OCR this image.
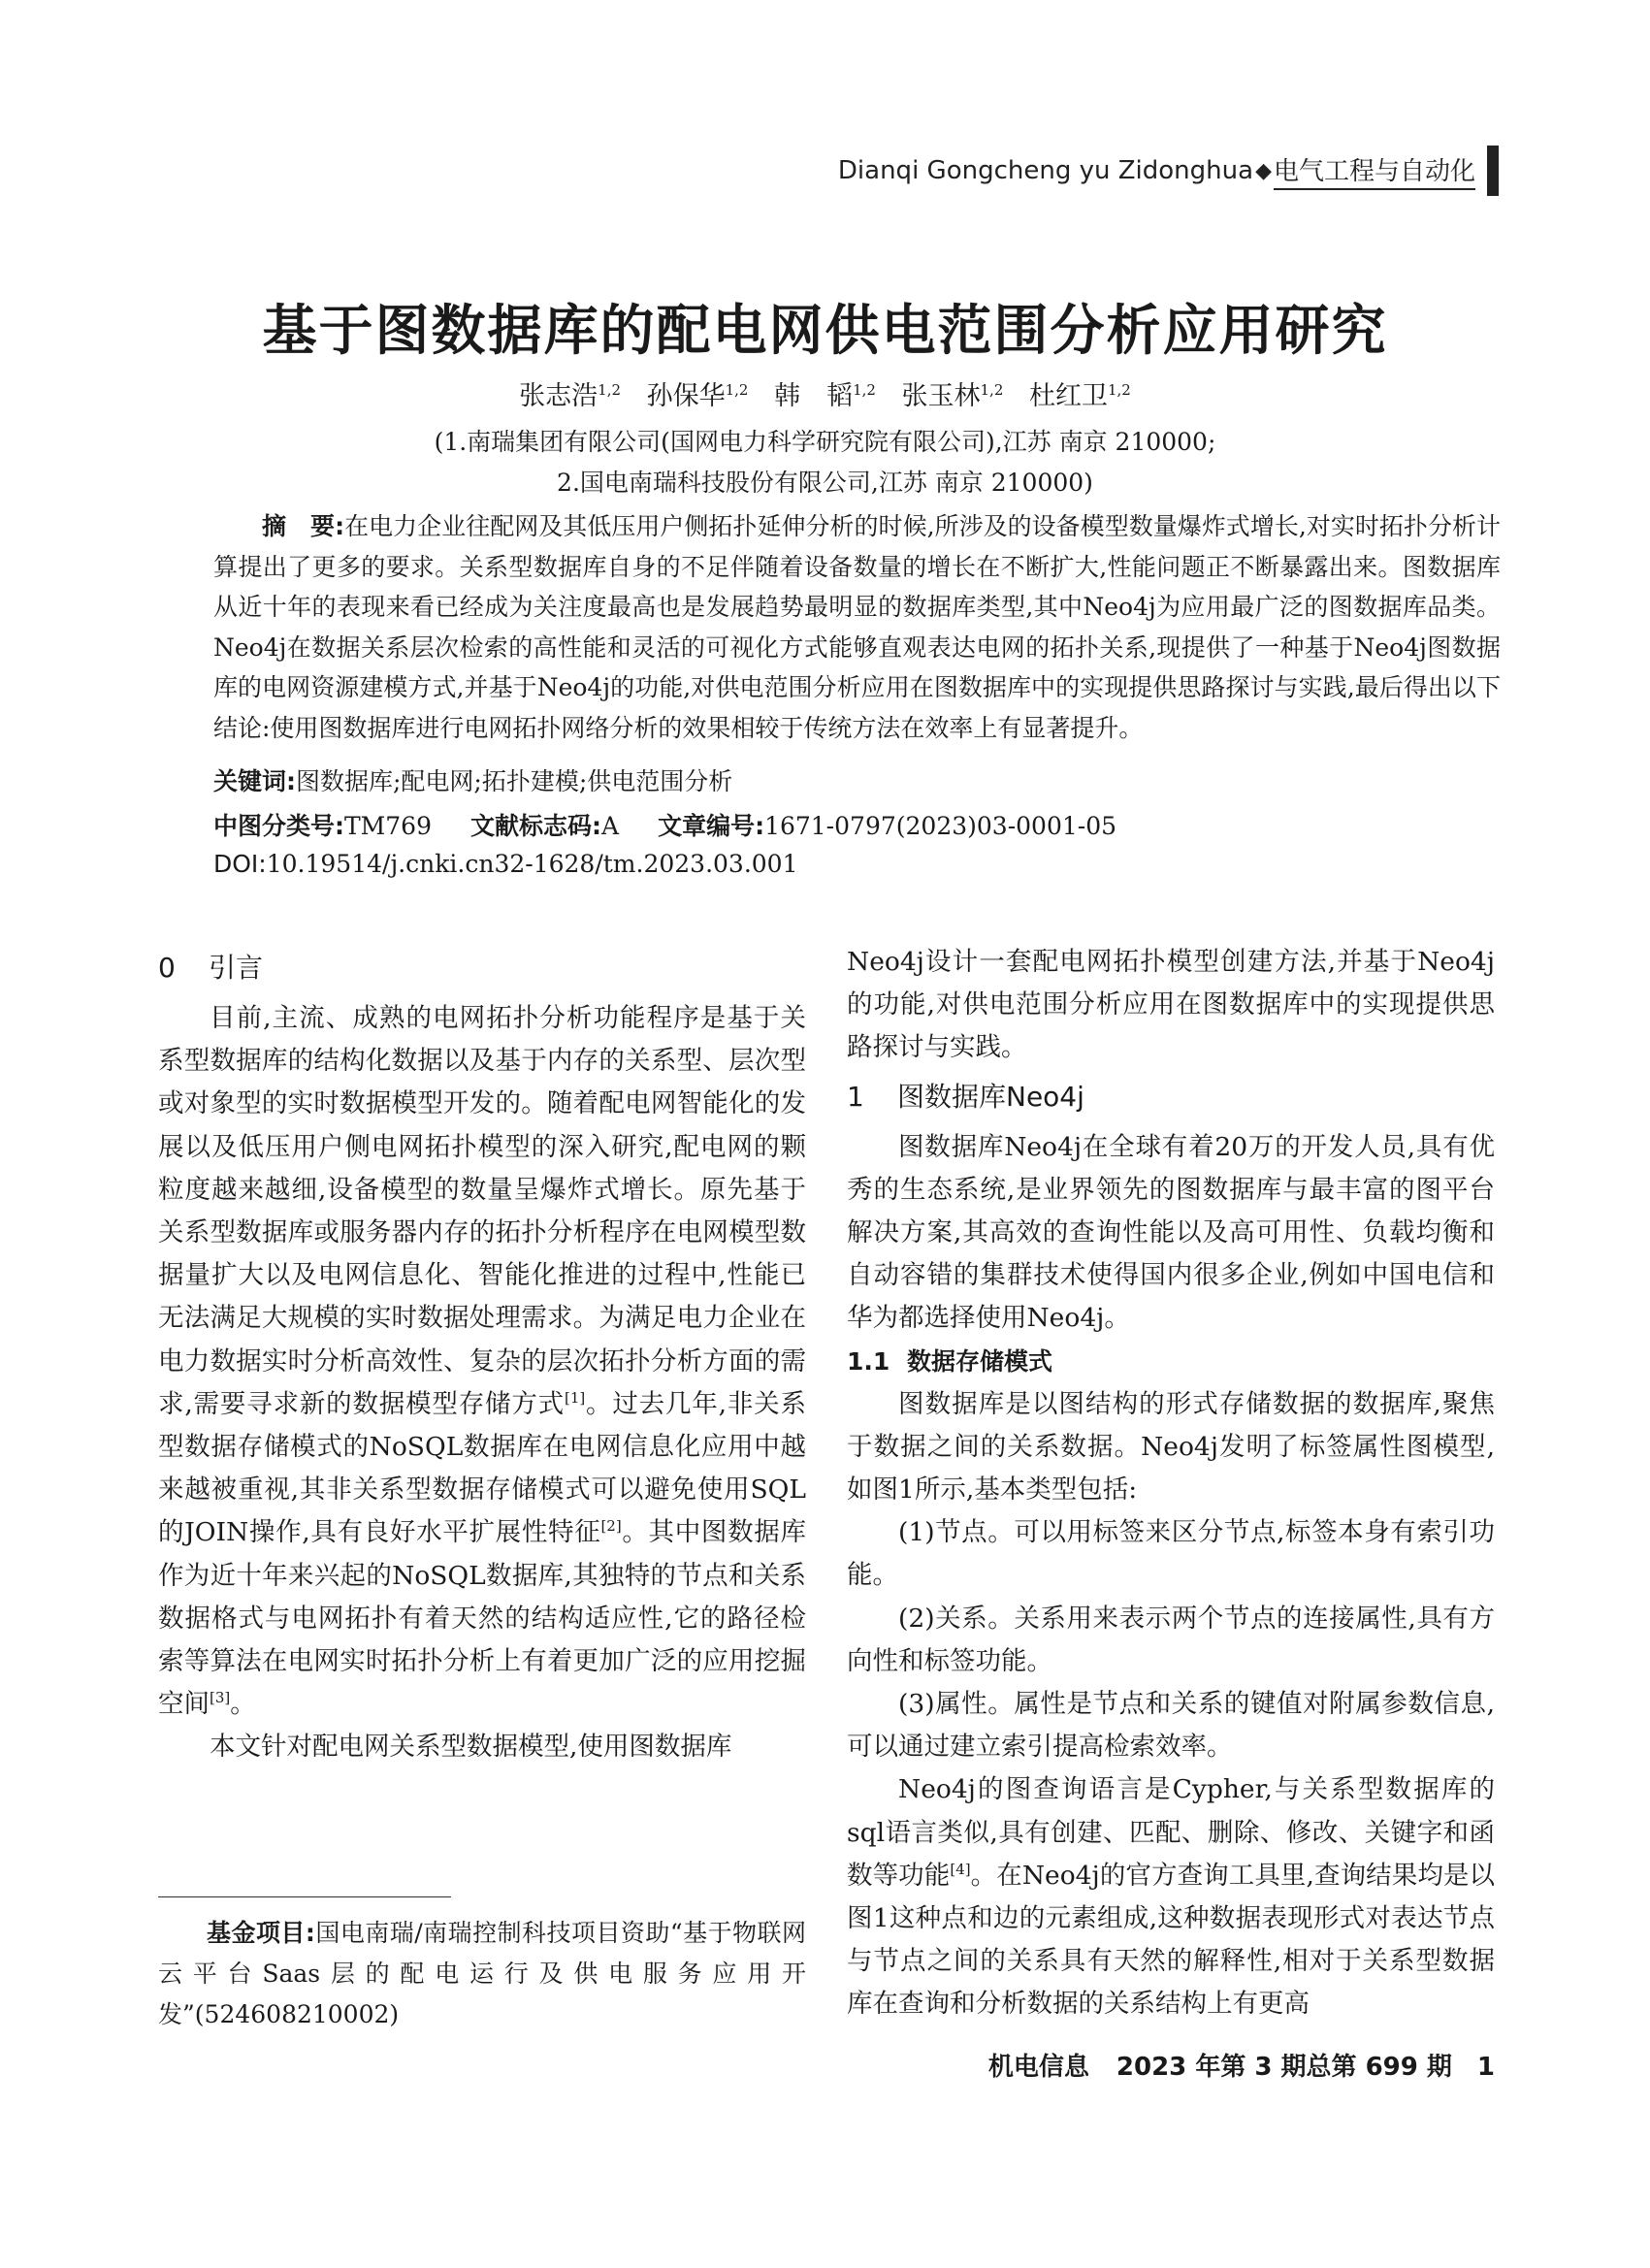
Dianqi Gongcheng yu Zidonghua ◆ 电气工程与自动化
基于图数据库的配电网供电范围分析应用研究
张志浩$^{1,2}$ 孙保华$^{1,2}$ 韩　韬$^{1,2}$ 张玉林$^{1,2}$ 杜红卫$^{1,2}$
(1.南瑞集团有限公司(国网电力科学研究院有限公司),江苏 南京 210000;
2.国电南瑞科技股份有限公司,江苏 南京 210000)
摘　要:在电力企业往配网及其低压用户侧拓扑延伸分析的时候,所涉及的设备模型数量爆炸式增长,对实时拓扑分析计算提出了更多的要求。关系型数据库自身的不足伴随着设备数量的增长在不断扩大,性能问题正不断暴露出来。图数据库从近十年的表现来看已经成为关注度最高也是发展趋势最明显的数据库类型,其中Neo4j为应用最广泛的图数据库品类。Neo4j在数据关系层次检索的高性能和灵活的可视化方式能够直观表达电网的拓扑关系,现提供了一种基于Neo4j图数据库的电网资源建模方式,并基于Neo4j的功能,对供电范围分析应用在图数据库中的实现提供思路探讨与实践,最后得出以下结论:使用图数据库进行电网拓扑网络分析的效果相较于传统方法在效率上有显著提升。
关键词:图数据库;配电网;拓扑建模;供电范围分析
中图分类号:TM769 文献标志码:A 文章编号:1671-0797(2023)03-0001-05
DOI:10.19514/j.cnki.cn32-1628/tm.2023.03.001
0 引言

目前,主流、成熟的电网拓扑分析功能程序是基于关系型数据库的结构化数据以及基于内存的关系型、层次型或对象型的实时数据模型开发的。随着配电网智能化的发展以及低压用户侧电网拓扑模型的深入研究,配电网的颗粒度越来越细,设备模型的数量呈爆炸式增长。原先基于关系型数据库或服务器内存的拓扑分析程序在电网模型数据量扩大以及电网信息化、智能化推进的过程中,性能已无法满足大规模的实时数据处理需求。为满足电力企业在电力数据实时分析高效性、复杂的层次拓扑分析方面的需求,需要寻求新的数据模型存储方式[1]。过去几年,非关系型数据存储模式的NoSQL数据库在电网信息化应用中越来越被重视,其非关系型数据存储模式可以避免使用SQL的JOIN操作,具有良好水平扩展性特征[2]。其中图数据库作为近十年来兴起的NoSQL数据库,其独特的节点和关系数据格式与电网拓扑有着天然的结构适应性,它的路径检索等算法在电网实时拓扑分析上有着更加广泛的应用挖掘空间[3]。

本文针对配电网关系型数据模型,使用图数据库

Neo4j设计一套配电网拓扑模型创建方法,并基于Neo4j的功能,对供电范围分析应用在图数据库中的实现提供思路探讨与实践。

1 图数据库Neo4j

图数据库Neo4j在全球有着20万的开发人员,具有优秀的生态系统,是业界领先的图数据库与最丰富的图平台解决方案,其高效的查询性能以及高可用性、负载均衡和自动容错的集群技术使得国内很多企业,例如中国电信和华为都选择使用Neo4j。

1.1 数据存储模式

图数据库是以图结构的形式存储数据的数据库,聚焦于数据之间的关系数据。Neo4j发明了标签属性图模型,如图1所示,基本类型包括:

(1)节点。可以用标签来区分节点,标签本身有索引功能。

(2)关系。关系用来表示两个节点的连接属性,具有方向性和标签功能。

(3)属性。属性是节点和关系的键值对附属参数信息,可以通过建立索引提高检索效率。

Neo4j的图查询语言是Cypher,与关系型数据库的sql语言类似,具有创建、匹配、删除、修改、关键字和函数等功能[4]。在Neo4j的官方查询工具里,查询结果均是以图1这种点和边的元素组成,这种数据表现形式对表达节点与节点之间的关系具有天然的解释性,相对于关系型数据库在查询和分析数据的关系结构上有更高

基金项目:国电南瑞/南瑞控制科技项目资助“基于物联网云平台Saas层的配电运行及供电服务应用开发”(524608210002)
机电信息 2023 年第 3 期总第 699 期 1
